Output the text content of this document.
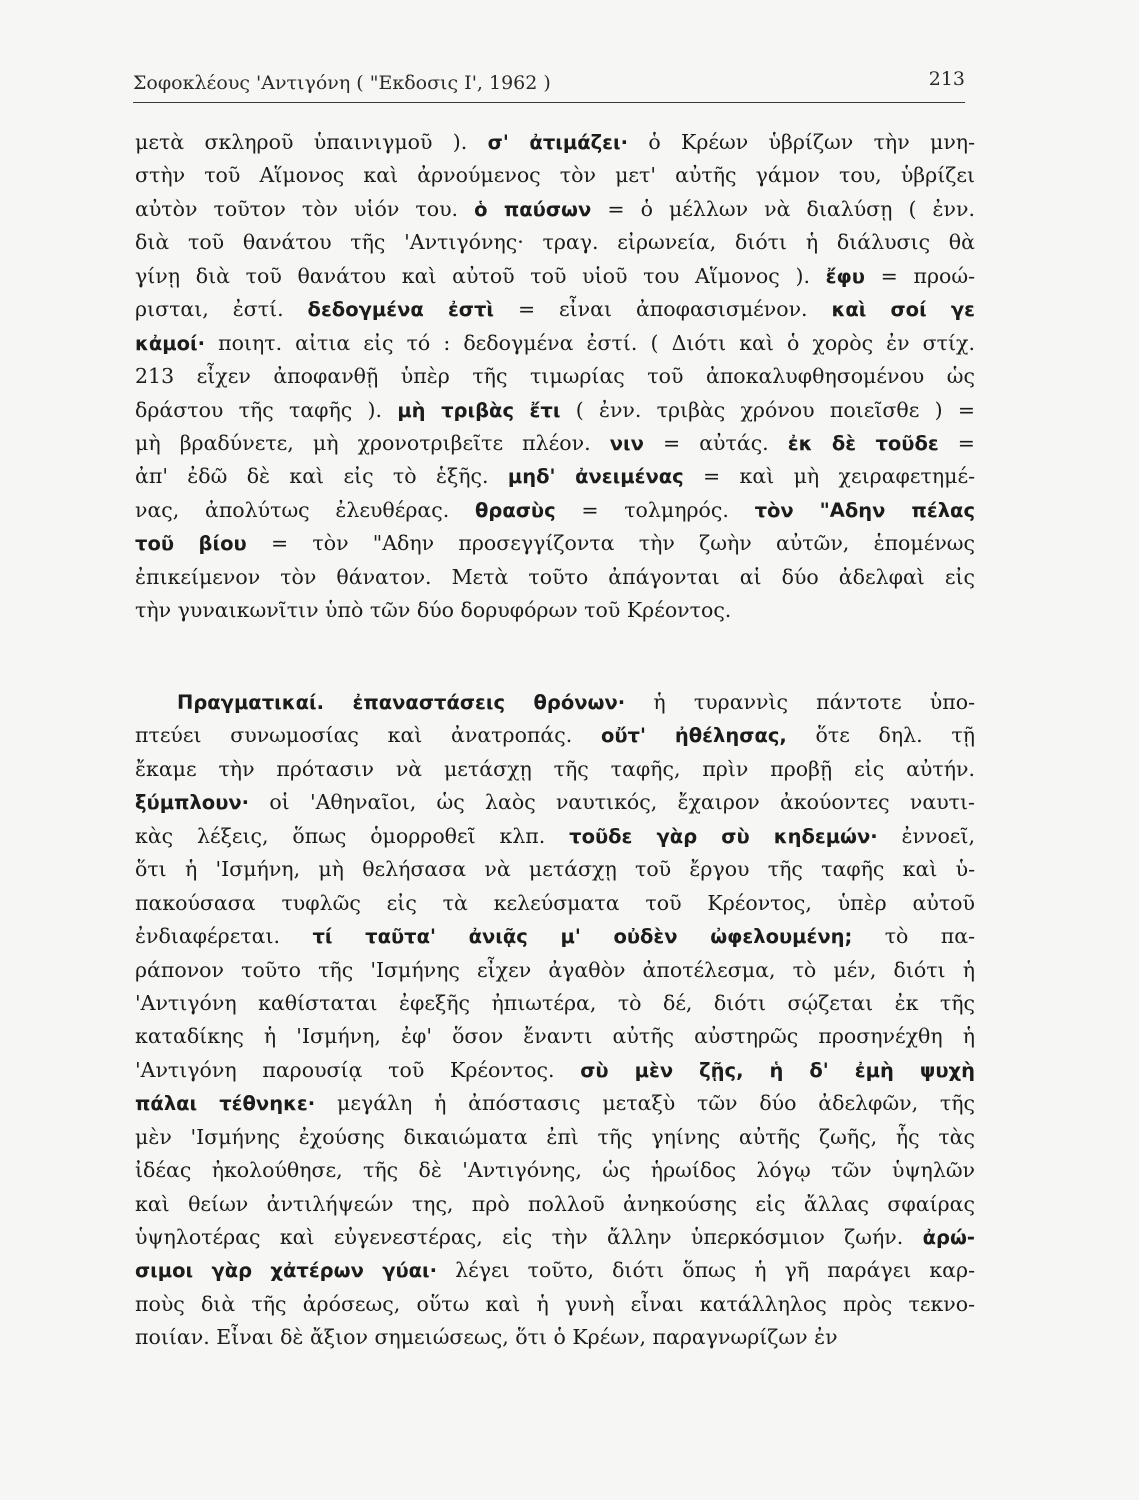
Σοφοκλέους 'Αντιγόνη ( "Εκδοσις Ι', 1962 )	213
μετὰ σκληροῦ ὑπαινιγμοῦ ). σ' ἀτιμάζει· ὁ Κρέων ὑβρίζων τὴν μνη-
στὴν τοῦ Αἵμονος καὶ ἀρνούμενος τὸν μετ' αὐτῆς γάμον του, ὑβρίζει
αὐτὸν τοῦτον τὸν υἱόν του. ὁ παύσων = ὁ μέλλων νὰ διαλύσῃ ( ἐνν.
διὰ τοῦ θανάτου τῆς 'Αντιγόνης· τραγ. εἰρωνεία, διότι ἡ διάλυσις θὰ
γίνῃ διὰ τοῦ θανάτου καὶ αὐτοῦ τοῦ υἱοῦ του Αἵμονος ). ἔφυ = προώ-
ρισται, ἐστί. δεδογμένα ἐστὶ = εἶναι ἀποφασισμένον. καὶ σοί γε
κἀμοί· ποιητ. αἰτια εἰς τό : δεδογμένα ἐστί. ( Διότι καὶ ὁ χορὸς ἐν στίχ.
213 εἶχεν ἀποφανθῇ ὑπὲρ τῆς τιμωρίας τοῦ ἀποκαλυφθησομένου ὡς
δράστου τῆς ταφῆς ). μὴ τριβὰς ἔτι ( ἐνν. τριβὰς χρόνου ποιεῖσθε ) =
μὴ βραδύνετε, μὴ χρονοτριβεῖτε πλέον. νιν = αὐτάς. ἐκ δὲ τοῦδε =
ἀπ' ἐδῶ δὲ καὶ εἰς τὸ ἑξῆς. μηδ' ἀνειμένας = καὶ μὴ χειραφετημέ-
νας, ἀπολύτως ἐλευθέρας. θρασὺς = τολμηρός. τὸν "Αδην πέλας
τοῦ βίου = τὸν "Αδην προσεγγίζοντα τὴν ζωὴν αὐτῶν, ἑπομένως
ἐπικείμενον τὸν θάνατον. Μετὰ τοῦτο ἀπάγονται αἱ δύο ἀδελφαὶ εἰς
τὴν γυναικωνῖτιν ὑπὸ τῶν δύο δορυφόρων τοῦ Κρέοντος.
Πραγματικαί. ἐπαναστάσεις θρόνων· ἡ τυραννὶς πάντοτε ὑπο-
πτεύει συνωμοσίας καὶ ἀνατροπάς. οὔτ' ἠθέλησας, ὅτε δηλ. τῇ
ἔκαμε τὴν πρότασιν νὰ μετάσχῃ τῆς ταφῆς, πρὶν προβῇ εἰς αὐτήν.
ξύμπλουν· οἱ 'Αθηναῖοι, ὡς λαὸς ναυτικός, ἔχαιρον ἀκούοντες ναυτι-
κὰς λέξεις, ὅπως ὁμορροθεῖ κλπ. τοῦδε γὰρ σὺ κηδεμών· ἐννοεῖ,
ὅτι ἡ 'Ισμήνη, μὴ θελήσασα νὰ μετάσχῃ τοῦ ἔργου τῆς ταφῆς καὶ ὑ-
πακούσασα τυφλῶς εἰς τὰ κελεύσματα τοῦ Κρέοντος, ὑπὲρ αὐτοῦ
ἐνδιαφέρεται. τί ταῦτα' ἀνιᾷς μ' οὐδὲν ὠφελουμένη; τὸ πα-
ράπονον τοῦτο τῆς 'Ισμήνης εἶχεν ἀγαθὸν ἀποτέλεσμα, τὸ μέν, διότι ἡ
'Αντιγόνη καθίσταται ἐφεξῆς ἠπιωτέρα, τὸ δέ, διότι σῴζεται ἐκ τῆς
καταδίκης ἡ 'Ισμήνη, ἐφ' ὅσον ἔναντι αὐτῆς αὐστηρῶς προσηνέχθη ἡ
'Αντιγόνη παρουσίᾳ τοῦ Κρέοντος. σὺ μὲν ζῇς, ἡ δ' ἐμὴ ψυχὴ
πάλαι τέθνηκε· μεγάλη ἡ ἀπόστασις μεταξὺ τῶν δύο ἀδελφῶν, τῆς
μὲν 'Ισμήνης ἐχούσης δικαιώματα ἐπὶ τῆς γηίνης αὐτῆς ζωῆς, ἧς τὰς
ἰδέας ἠκολούθησε, τῆς δὲ 'Αντιγόνης, ὡς ἡρωίδος λόγῳ τῶν ὑψηλῶν
καὶ θείων ἀντιλήψεών της, πρὸ πολλοῦ ἀνηκούσης εἰς ἄλλας σφαίρας
ὑψηλοτέρας καὶ εὐγενεστέρας, εἰς τὴν ἄλλην ὑπερκόσμιον ζωήν. ἀρώ-
σιμοι γὰρ χἀτέρων γύαι· λέγει τοῦτο, διότι ὅπως ἡ γῆ παράγει καρ-
ποὺς διὰ τῆς ἀρόσεως, οὕτω καὶ ἡ γυνὴ εἶναι κατάλληλος πρὸς τεκνο-
ποιίαν. Εἶναι δὲ ἄξιον σημειώσεως, ὅτι ὁ Κρέων, παραγνωρίζων ἐν
